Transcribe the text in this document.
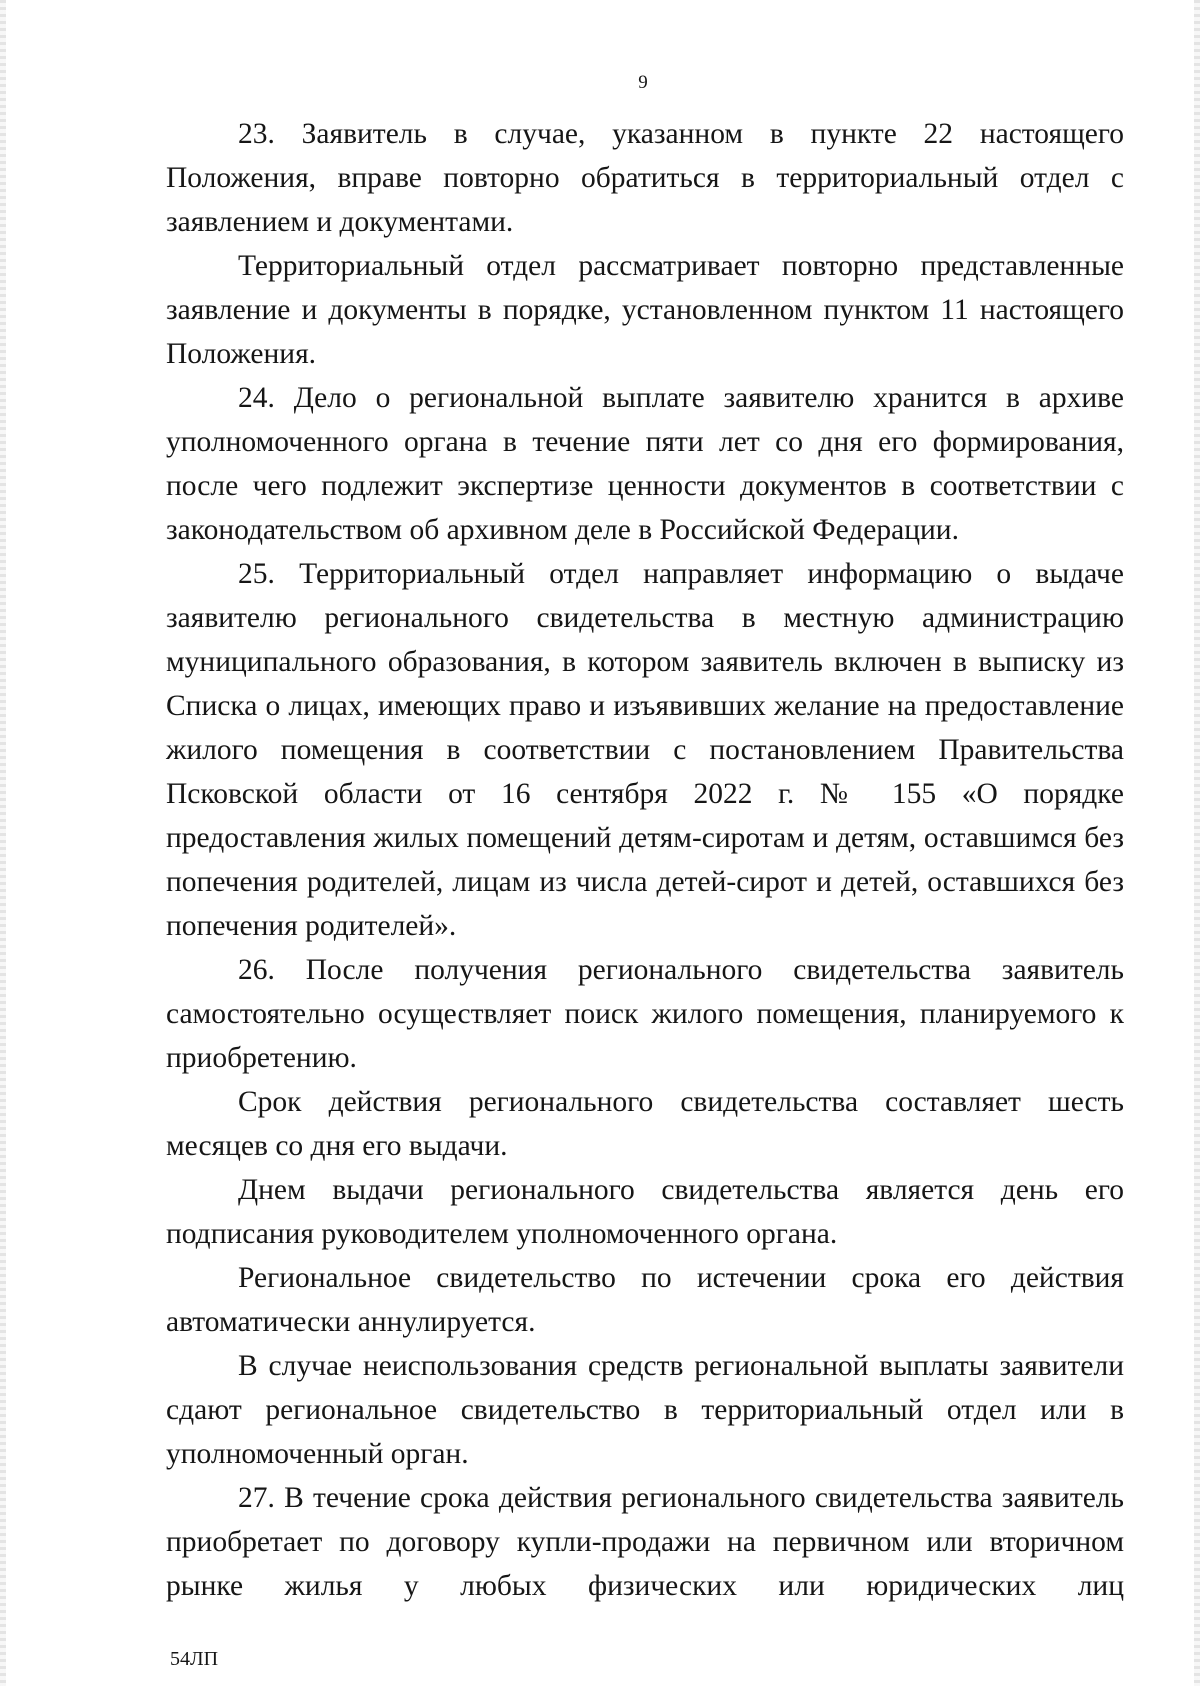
9

23. Заявитель в случае, указанном в пункте 22 настоящего Положения, вправе повторно обратиться в территориальный отдел с заявлением и документами.

Территориальный отдел рассматривает повторно представленные заявление и документы в порядке, установленном пунктом 11 настоящего Положения.

24. Дело о региональной выплате заявителю хранится в архиве уполномоченного органа в течение пяти лет со дня его формирования, после чего подлежит экспертизе ценности документов в соответствии с законодательством об архивном деле в Российской Федерации.

25. Территориальный отдел направляет информацию о выдаче заявителю регионального свидетельства в местную администрацию муниципального образования, в котором заявитель включен в выписку из Списка о лицах, имеющих право и изъявивших желание на предоставление жилого помещения в соответствии с постановлением Правительства Псковской области от 16 сентября 2022 г. № 155 «О порядке предоставления жилых помещений детям-сиротам и детям, оставшимся без попечения родителей, лицам из числа детей-сирот и детей, оставшихся без попечения родителей».

26. После получения регионального свидетельства заявитель самостоятельно осуществляет поиск жилого помещения, планируемого к приобретению.

Срок действия регионального свидетельства составляет шесть месяцев со дня его выдачи.

Днем выдачи регионального свидетельства является день его подписания руководителем уполномоченного органа.

Региональное свидетельство по истечении срока его действия автоматически аннулируется.

В случае неиспользования средств региональной выплаты заявители сдают региональное свидетельство в территориальный отдел или в уполномоченный орган.

27. В течение срока действия регионального свидетельства заявитель приобретает по договору купли-продажи на первичном или вторичном рынке жилья у любых физических или юридических лиц

54ЛП
